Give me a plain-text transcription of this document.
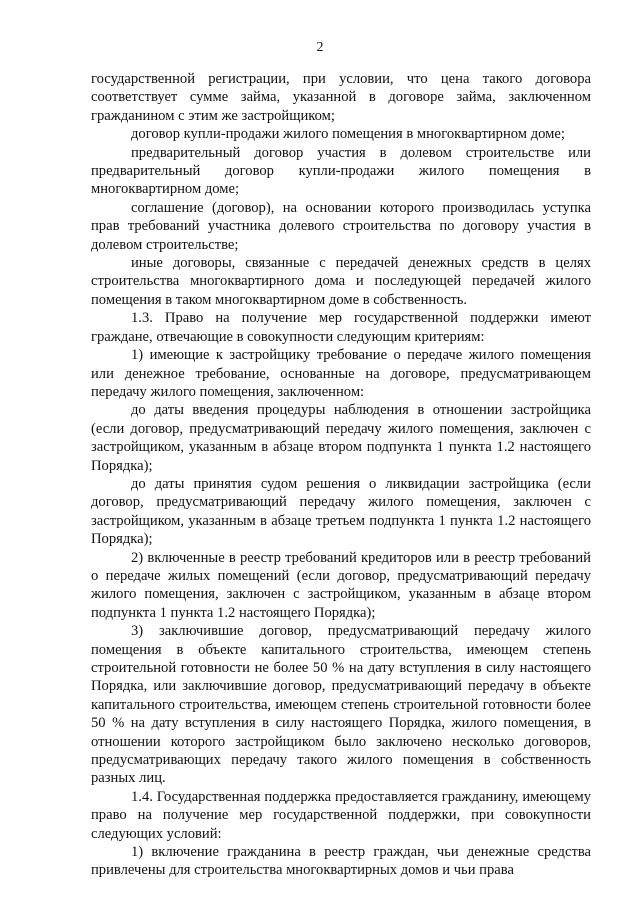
2

государственной регистрации, при условии, что цена такого договора соответствует сумме займа, указанной в договоре займа, заключенном гражданином с этим же застройщиком;

договор купли-продажи жилого помещения в многоквартирном доме;

предварительный договор участия в долевом строительстве или предварительный договор купли-продажи жилого помещения в многоквартирном доме;

соглашение (договор), на основании которого производилась уступка прав требований участника долевого строительства по договору участия в долевом строительстве;

иные договоры, связанные с передачей денежных средств в целях строительства многоквартирного дома и последующей передачей жилого помещения в таком многоквартирном доме в собственность.

1.3. Право на получение мер государственной поддержки имеют граждане, отвечающие в совокупности следующим критериям:

1) имеющие к застройщику требование о передаче жилого помещения или денежное требование, основанные на договоре, предусматривающем передачу жилого помещения, заключенном:

до даты введения процедуры наблюдения в отношении застройщика (если договор, предусматривающий передачу жилого помещения, заключен с застройщиком, указанным в абзаце втором подпункта 1 пункта 1.2 настоящего Порядка);

до даты принятия судом решения о ликвидации застройщика (если договор, предусматривающий передачу жилого помещения, заключен с застройщиком, указанным в абзаце третьем подпункта 1 пункта 1.2 настоящего Порядка);

2) включенные в реестр требований кредиторов или в реестр требований о передаче жилых помещений (если договор, предусматривающий передачу жилого помещения, заключен с застройщиком, указанным в абзаце втором подпункта 1 пункта 1.2 настоящего Порядка);

3) заключившие договор, предусматривающий передачу жилого помещения в объекте капитального строительства, имеющем степень строительной готовности не более 50 % на дату вступления в силу настоящего Порядка, или заключившие договор, предусматривающий передачу в объекте капитального строительства, имеющем степень строительной готовности более 50 % на дату вступления в силу настоящего Порядка, жилого помещения, в отношении которого застройщиком было заключено несколько договоров, предусматривающих передачу такого жилого помещения в собственность разных лиц.

1.4. Государственная поддержка предоставляется гражданину, имеющему право на получение мер государственной поддержки, при совокупности следующих условий:

1) включение гражданина в реестр граждан, чьи денежные средства привлечены для строительства многоквартирных домов и чьи права
